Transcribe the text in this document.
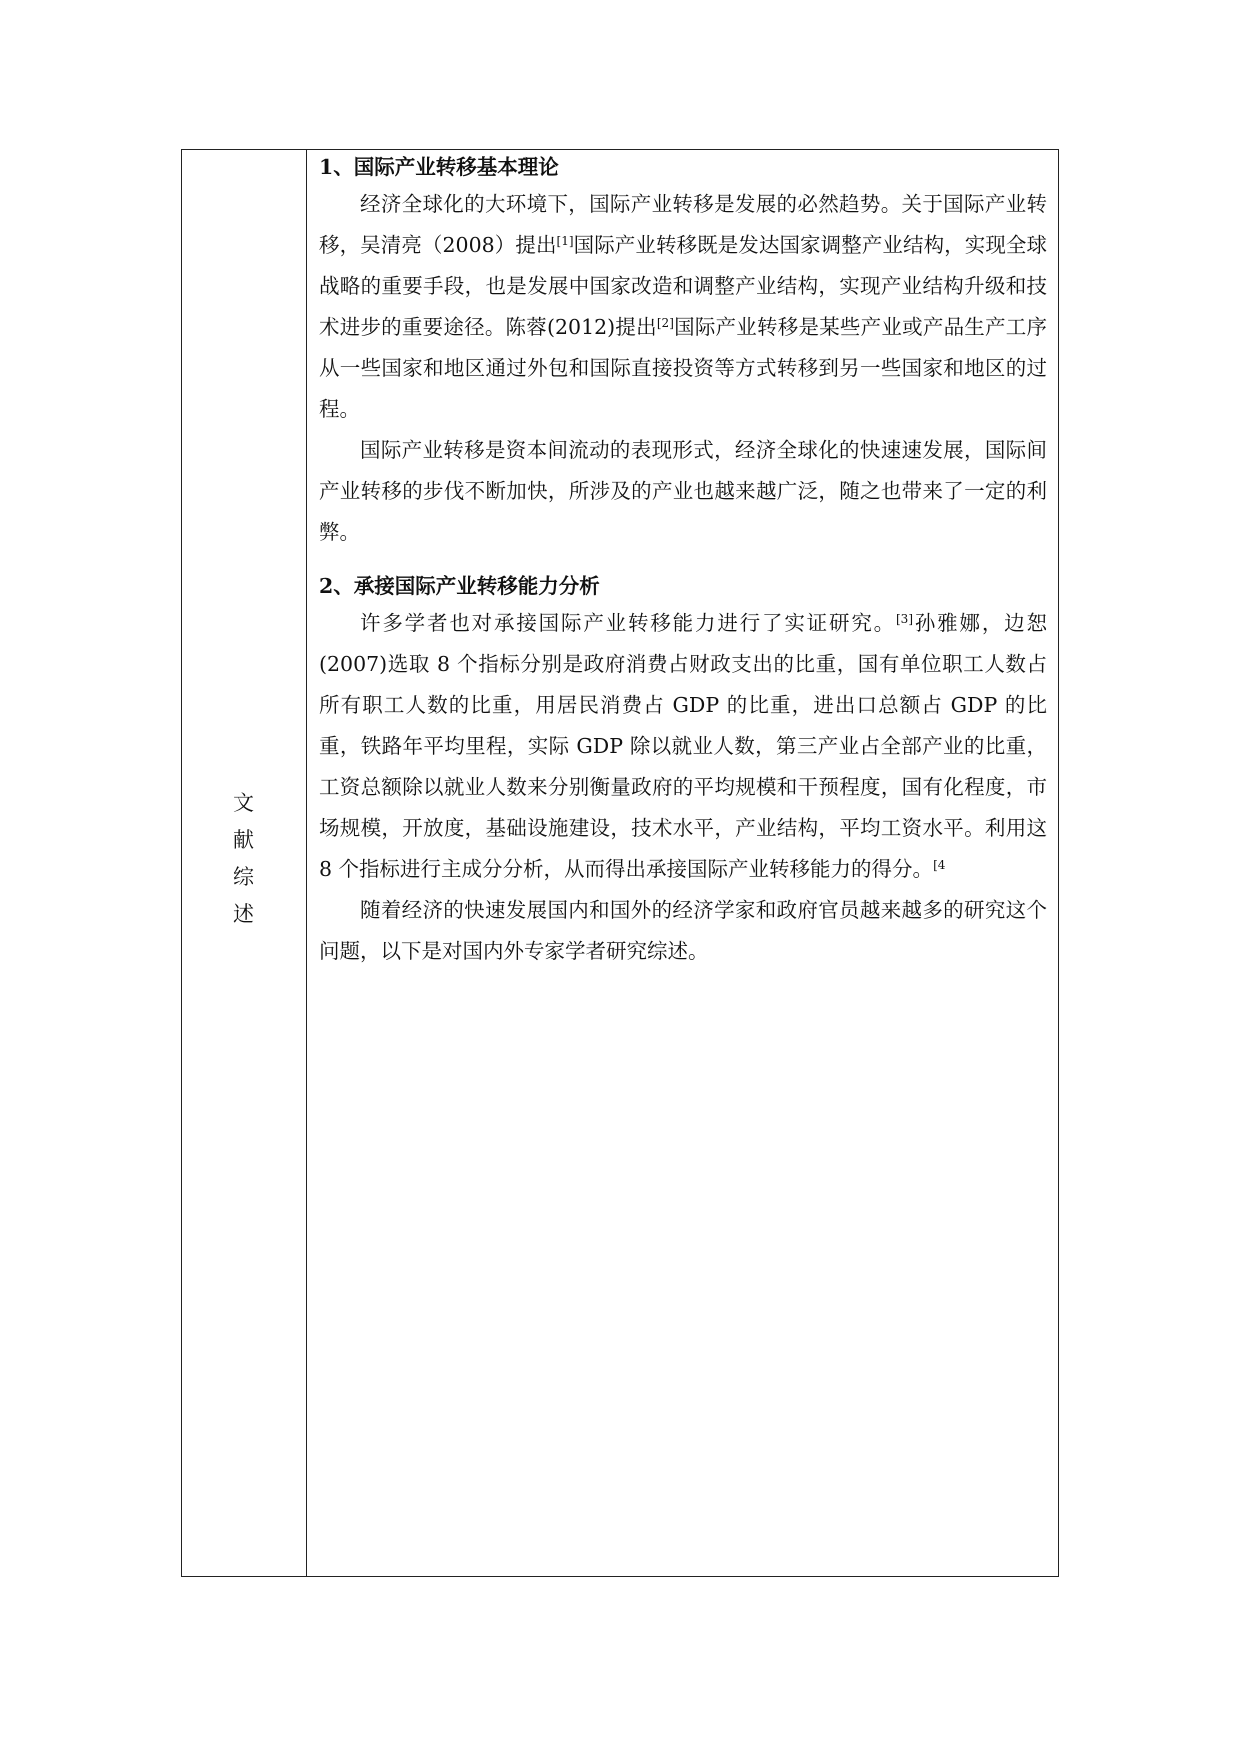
文
献
综
述
1、国际产业转移基本理论

经济全球化的大环境下，国际产业转移是发展的必然趋势。关于国际产业转移，吴清亮（2008）提出[1]国际产业转移既是发达国家调整产业结构，实现全球战略的重要手段，也是发展中国家改造和调整产业结构，实现产业结构升级和技术进步的重要途径。陈蓉(2012)提出[2]国际产业转移是某些产业或产品生产工序从一些国家和地区通过外包和国际直接投资等方式转移到另一些国家和地区的过程。

国际产业转移是资本间流动的表现形式，经济全球化的快速速发展，国际间产业转移的步伐不断加快，所涉及的产业也越来越广泛，随之也带来了一定的利弊。

2、承接国际产业转移能力分析

许多学者也对承接国际产业转移能力进行了实证研究。[3]孙雅娜，边恕(2007)选取 8 个指标分别是政府消费占财政支出的比重，国有单位职工人数占所有职工人数的比重，用居民消费占 GDP 的比重，进出口总额占 GDP 的比重，铁路年平均里程，实际 GDP 除以就业人数，第三产业占全部产业的比重，工资总额除以就业人数来分别衡量政府的平均规模和干预程度，国有化程度，市场规模，开放度，基础设施建设，技术水平，产业结构，平均工资水平。利用这 8 个指标进行主成分分析，从而得出承接国际产业转移能力的得分。$^{[4}$

随着经济的快速发展国内和国外的经济学家和政府官员越来越多的研究这个问题，以下是对国内外专家学者研究综述。
